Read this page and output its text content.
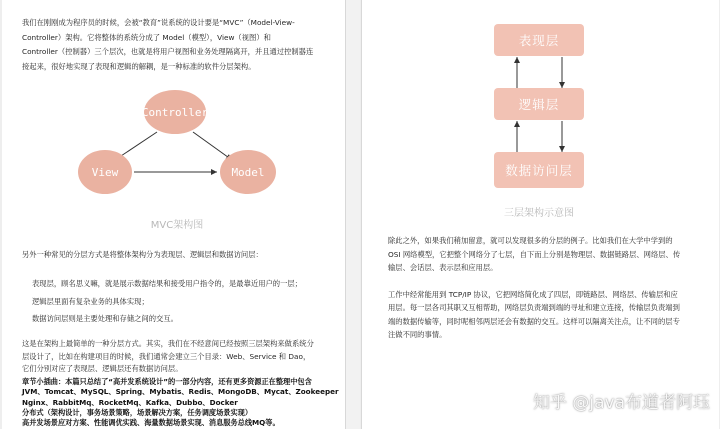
我们在刚刚成为程序员的时候，会被“教育”说系统的设计要是“MVC”（Model-View-
Controller）架构。它将整体的系统分成了 Model（模型），View（视图）和
Controller（控制器）三个层次，也就是将用户视图和业务处理隔离开，并且通过控制器连
接起来，很好地实现了表现和逻辑的解耦，是一种标准的软件分层架构。

Controller
View	Model
MVC架构图

另外一种常见的分层方式是将整体架构分为表现层、逻辑层和数据访问层：

表现层，顾名思义嘛，就是展示数据结果和接受用户指令的，是最靠近用户的一层；
逻辑层里面有复杂业务的具体实现；
数据访问层则是主要处理和存储之间的交互。

这是在架构上最简单的一种分层方式。其实，我们在不经意间已经按照三层架构来做系统分
层设计了，比如在构建项目的时候，我们通常会建立三个目录：Web、Service 和 Dao，
它们分别对应了表现层、逻辑层还有数据访问层。

章节小插曲：本篇只总结了“高并发系统设计”的一部分内容，还有更多资源正在整理中包含
JVM、Tomcat、MySQL、Spring、Mybatis、Redis、MongoDB、Mycat、Zookeeper
Nginx、RabbitMq、RocketMq、Kafka、Dubbo、Docker
分布式（架构设计，事务场景策略，场景解决方案，任务调度场景实现）
高并发场景应对方案、性能调优实践、海量数据场景实现、消息服务总线MQ等。

表现层
逻辑层
数据访问层
三层架构示意图

除此之外，如果我们稍加留意，就可以发现很多的分层的例子。比如我们在大学中学到的
OSI 网络模型，它把整个网络分了七层，自下而上分别是物理层、数据链路层、网络层、传
输层、会话层、表示层和应用层。

工作中经常能用到 TCP/IP 协议，它把网络简化成了四层，即链路层、网络层、传输层和应
用层。每一层各司其职又互相帮助，网络层负责端到端的寻址和建立连接，传输层负责端到
端的数据传输等，同时呢相邻两层还会有数据的交互。这样可以隔离关注点，让不同的层专
注做不同的事情。

知乎 @java布道者阿珏
